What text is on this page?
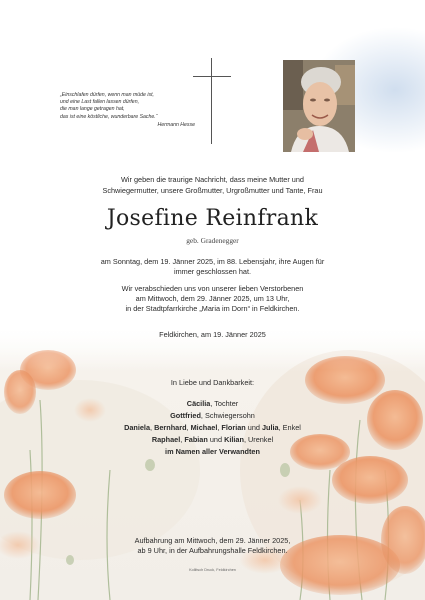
„Einschlafen dürfen, wenn man müde ist,
und eine Last fallen lassen dürfen,
die man lange getragen hat,
das ist eine köstliche, wunderbare Sache.“
Hermann Hesse
Wir geben die traurige Nachricht, dass meine Mutter und
Schwiegermutter, unsere Großmutter, Urgroßmutter und Tante, Frau
Josefine Reinfrank
geb. Gradenegger
am Sonntag, dem 19. Jänner 2025, im 88. Lebensjahr, ihre Augen für
immer geschlossen hat.
Wir verabschieden uns von unserer lieben Verstorbenen
am Mittwoch, dem 29. Jänner 2025, um 13 Uhr,
in der Stadtpfarrkirche „Maria im Dorn“ in Feldkirchen.
Feldkirchen, am 19. Jänner 2025
In Liebe und Dankbarkeit:
Cäcilia, Tochter
Gottfried, Schwiegersohn
Daniela, Bernhard, Michael, Florian und Julia, Enkel
Raphael, Fabian und Kilian, Urenkel
im Namen aller Verwandten
Aufbahrung am Mittwoch, dem 29. Jänner 2025,
ab 9 Uhr, in der Aufbahrungshalle Feldkirchen.
Kollitsch Druck, Feldkirchen
